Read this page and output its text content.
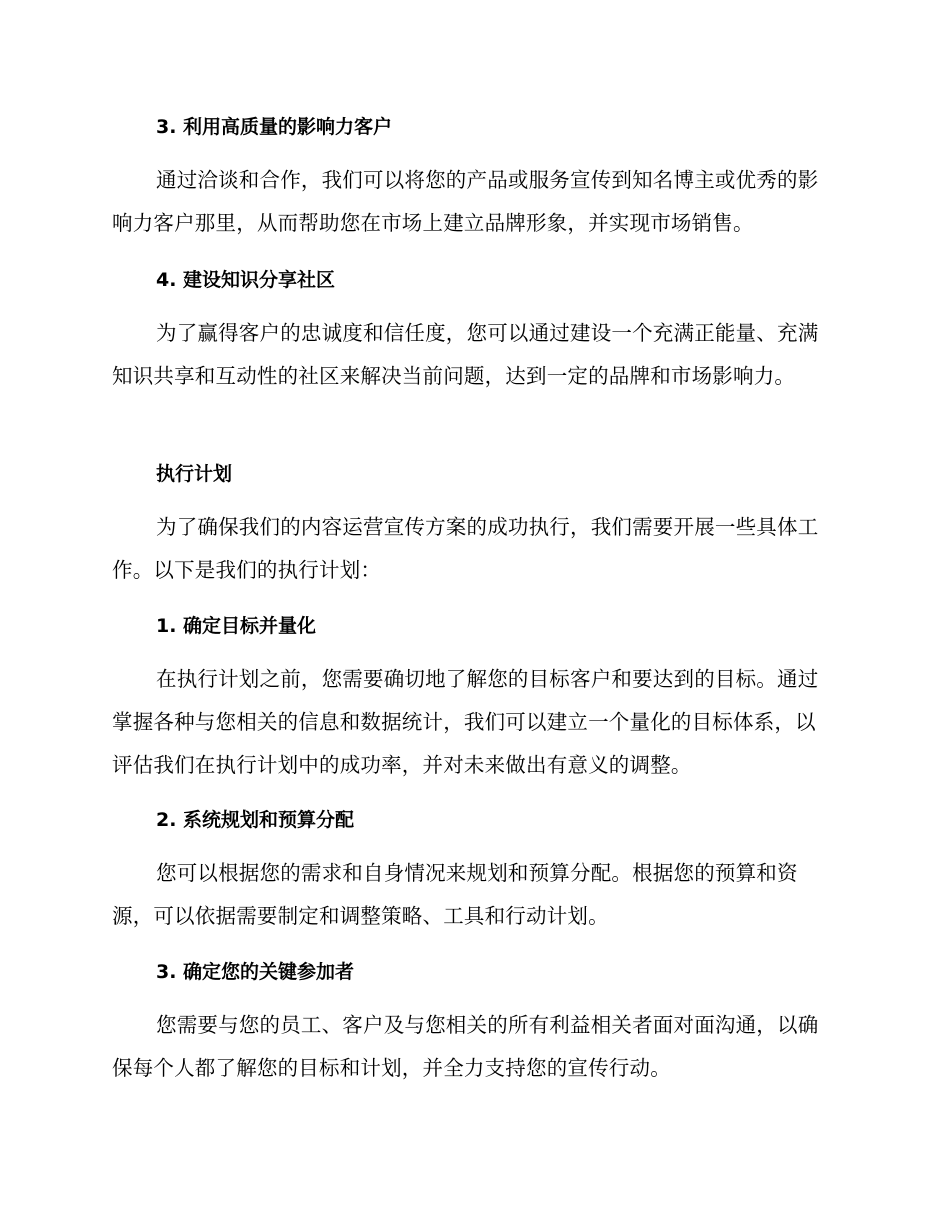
3. 利用高质量的影响力客户

通过洽谈和合作，我们可以将您的产品或服务宣传到知名博主或优秀的影响力客户那里，从而帮助您在市场上建立品牌形象，并实现市场销售。

4. 建设知识分享社区

为了赢得客户的忠诚度和信任度，您可以通过建设一个充满正能量、充满知识共享和互动性的社区来解决当前问题，达到一定的品牌和市场影响力。

执行计划

为了确保我们的内容运营宣传方案的成功执行，我们需要开展一些具体工作。以下是我们的执行计划：

1. 确定目标并量化

在执行计划之前，您需要确切地了解您的目标客户和要达到的目标。通过掌握各种与您相关的信息和数据统计，我们可以建立一个量化的目标体系，以评估我们在执行计划中的成功率，并对未来做出有意义的调整。

2. 系统规划和预算分配

您可以根据您的需求和自身情况来规划和预算分配。根据您的预算和资源，可以依据需要制定和调整策略、工具和行动计划。

3. 确定您的关键参加者

您需要与您的员工、客户及与您相关的所有利益相关者面对面沟通，以确保每个人都了解您的目标和计划，并全力支持您的宣传行动。
